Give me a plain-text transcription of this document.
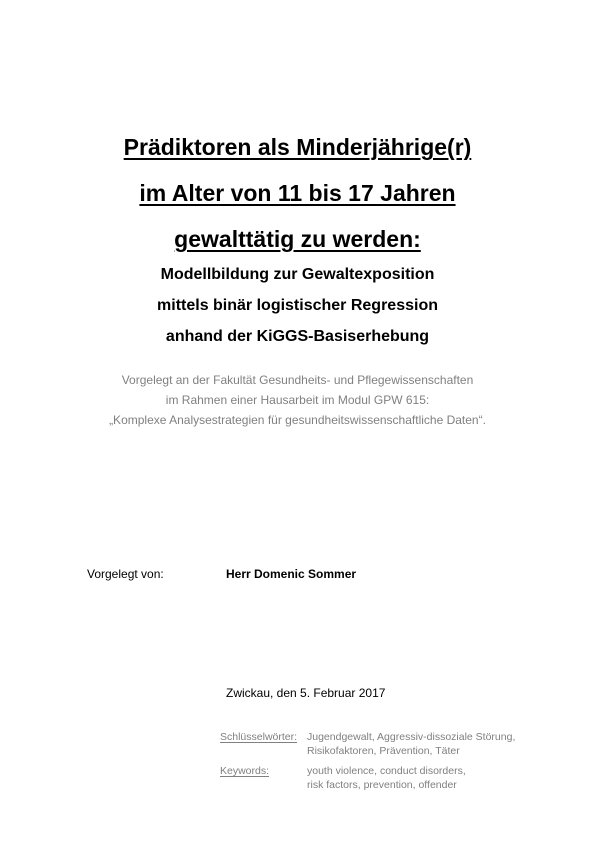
Prädiktoren als Minderjährige(r)
im Alter von 11 bis 17 Jahren
gewalttätig zu werden:
Modellbildung zur Gewaltexposition
mittels binär logistischer Regression
anhand der KiGGS-Basiserhebung
Vorgelegt an der Fakultät Gesundheits- und Pflegewissenschaften
im Rahmen einer Hausarbeit im Modul GPW 615:
„Komplexe Analysestrategien für gesundheitswissenschaftliche Daten“.
Vorgelegt von:	Herr Domenic Sommer
Zwickau, den 5. Februar 2017
Schlüsselwörter: Jugendgewalt, Aggressiv-dissoziale Störung,
Risikofaktoren, Prävention, Täter
Keywords:	youth violence, conduct disorders,
risk factors, prevention, offender
